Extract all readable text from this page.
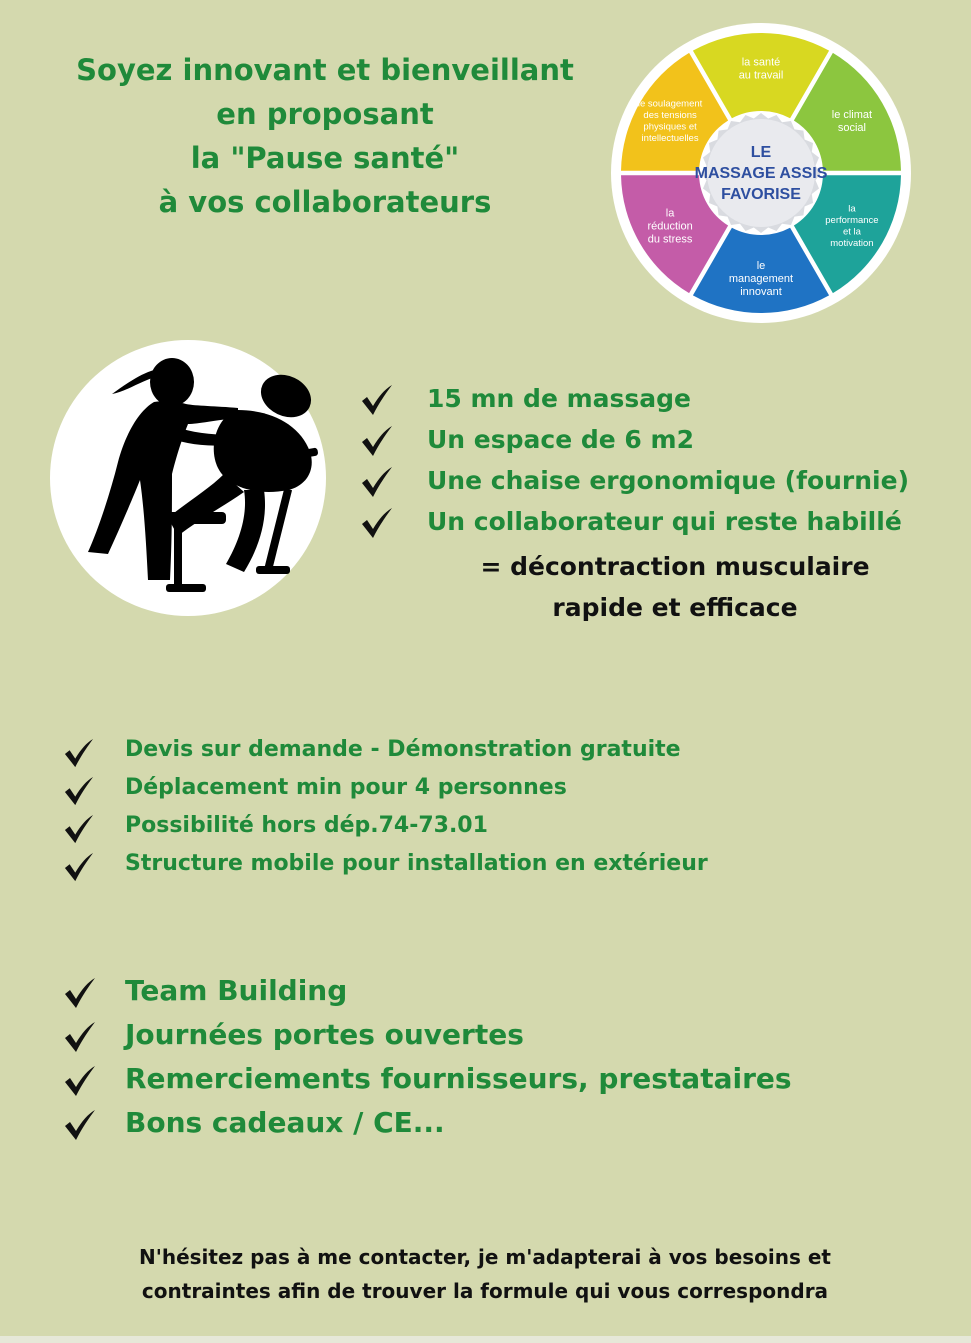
Soyez innovant et bienveillant
en proposant
la "Pause santé"
à vos collaborateurs
la santé au travail
le climat social
la performance et la motivation
le management innovant
la réduction du stress
le soulagement des tensions physiques et intellectuelles
LE MASSAGE ASSIS FAVORISE
15 mn de massage
Un espace de 6 m2
Une chaise ergonomique (fournie)
Un collaborateur qui reste habillé
= décontraction musculaire
rapide et efficace
Devis sur demande - Démonstration gratuite
Déplacement min pour 4 personnes
Possibilité hors dép.74-73.01
Structure mobile pour installation en extérieur
Team Building
Journées portes ouvertes
Remerciements fournisseurs, prestataires
Bons cadeaux / CE...
N'hésitez pas à me contacter, je m'adapterai à vos besoins et
contraintes afin de trouver la formule qui vous correspondra
